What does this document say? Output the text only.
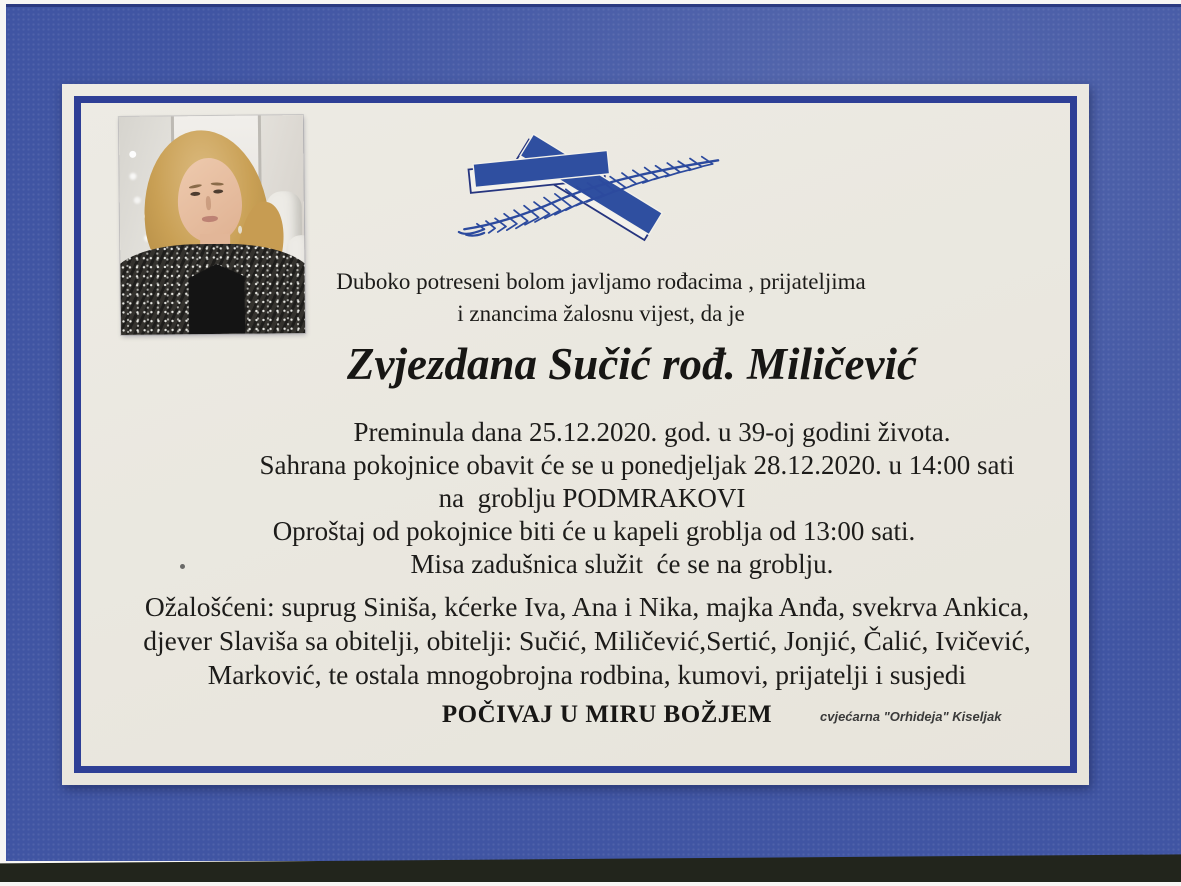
Duboko potreseni bolom javljamo rođacima , prijateljima
i znancima žalosnu vijest, da je
Zvjezdana Sučić rođ. Miličević
Preminula dana 25.12.2020. god. u 39-oj godini života.
Sahrana pokojnice obavit će se u ponedjeljak 28.12.2020. u 14:00 sati
na  groblju PODMRAKOVI
Oproštaj od pokojnice biti će u kapeli groblja od 13:00 sati.
Misa zadušnica služit  će se na groblju.
Ožalošćeni: suprug Siniša, kćerke Iva, Ana i Nika, majka Anđa, svekrva Ankica,
djever Slaviša sa obitelji, obitelji: Sučić, Miličević,Sertić, Jonjić, Čalić, Ivičević,
Marković, te ostala mnogobrojna rodbina, kumovi, prijatelji i susjedi
POČIVAJ U MIRU BOŽJEM	cvjećarna "Orhideja" Kiseljak
